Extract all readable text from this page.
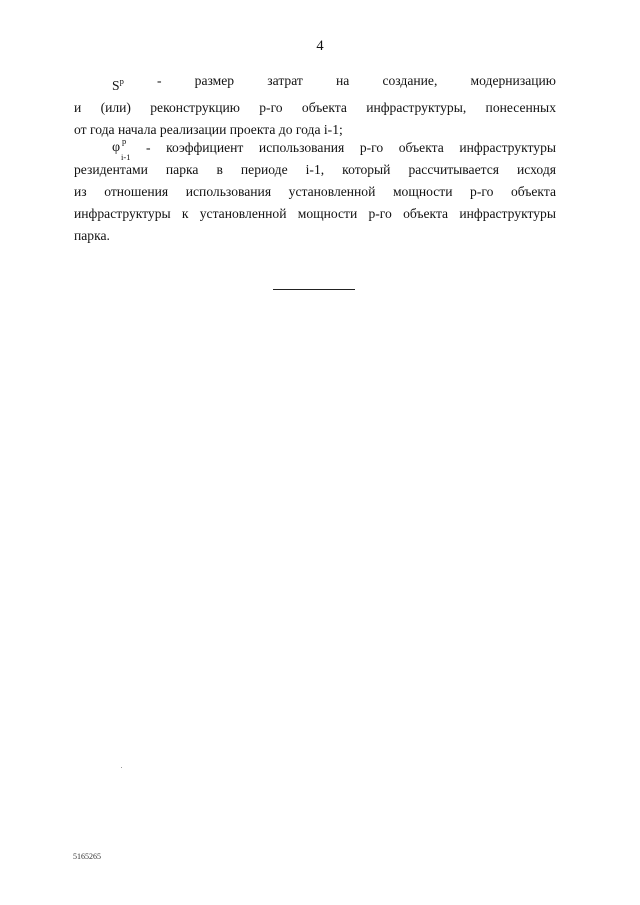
4
$S^p$ - размер затрат на создание, модернизацию
и (или) реконструкцию р-го объекта инфраструктуры, понесенных
от года начала реализации проекта до года i-1;
φ p
i-1
- коэффициент использования р-го объекта инфраструктуры
резидентами парка в периоде i-1, который рассчитывается исходя
из отношения использования установленной мощности р-го объекта
инфраструктуры к установленной мощности р-го объекта инфраструктуры
парка.
5165265
